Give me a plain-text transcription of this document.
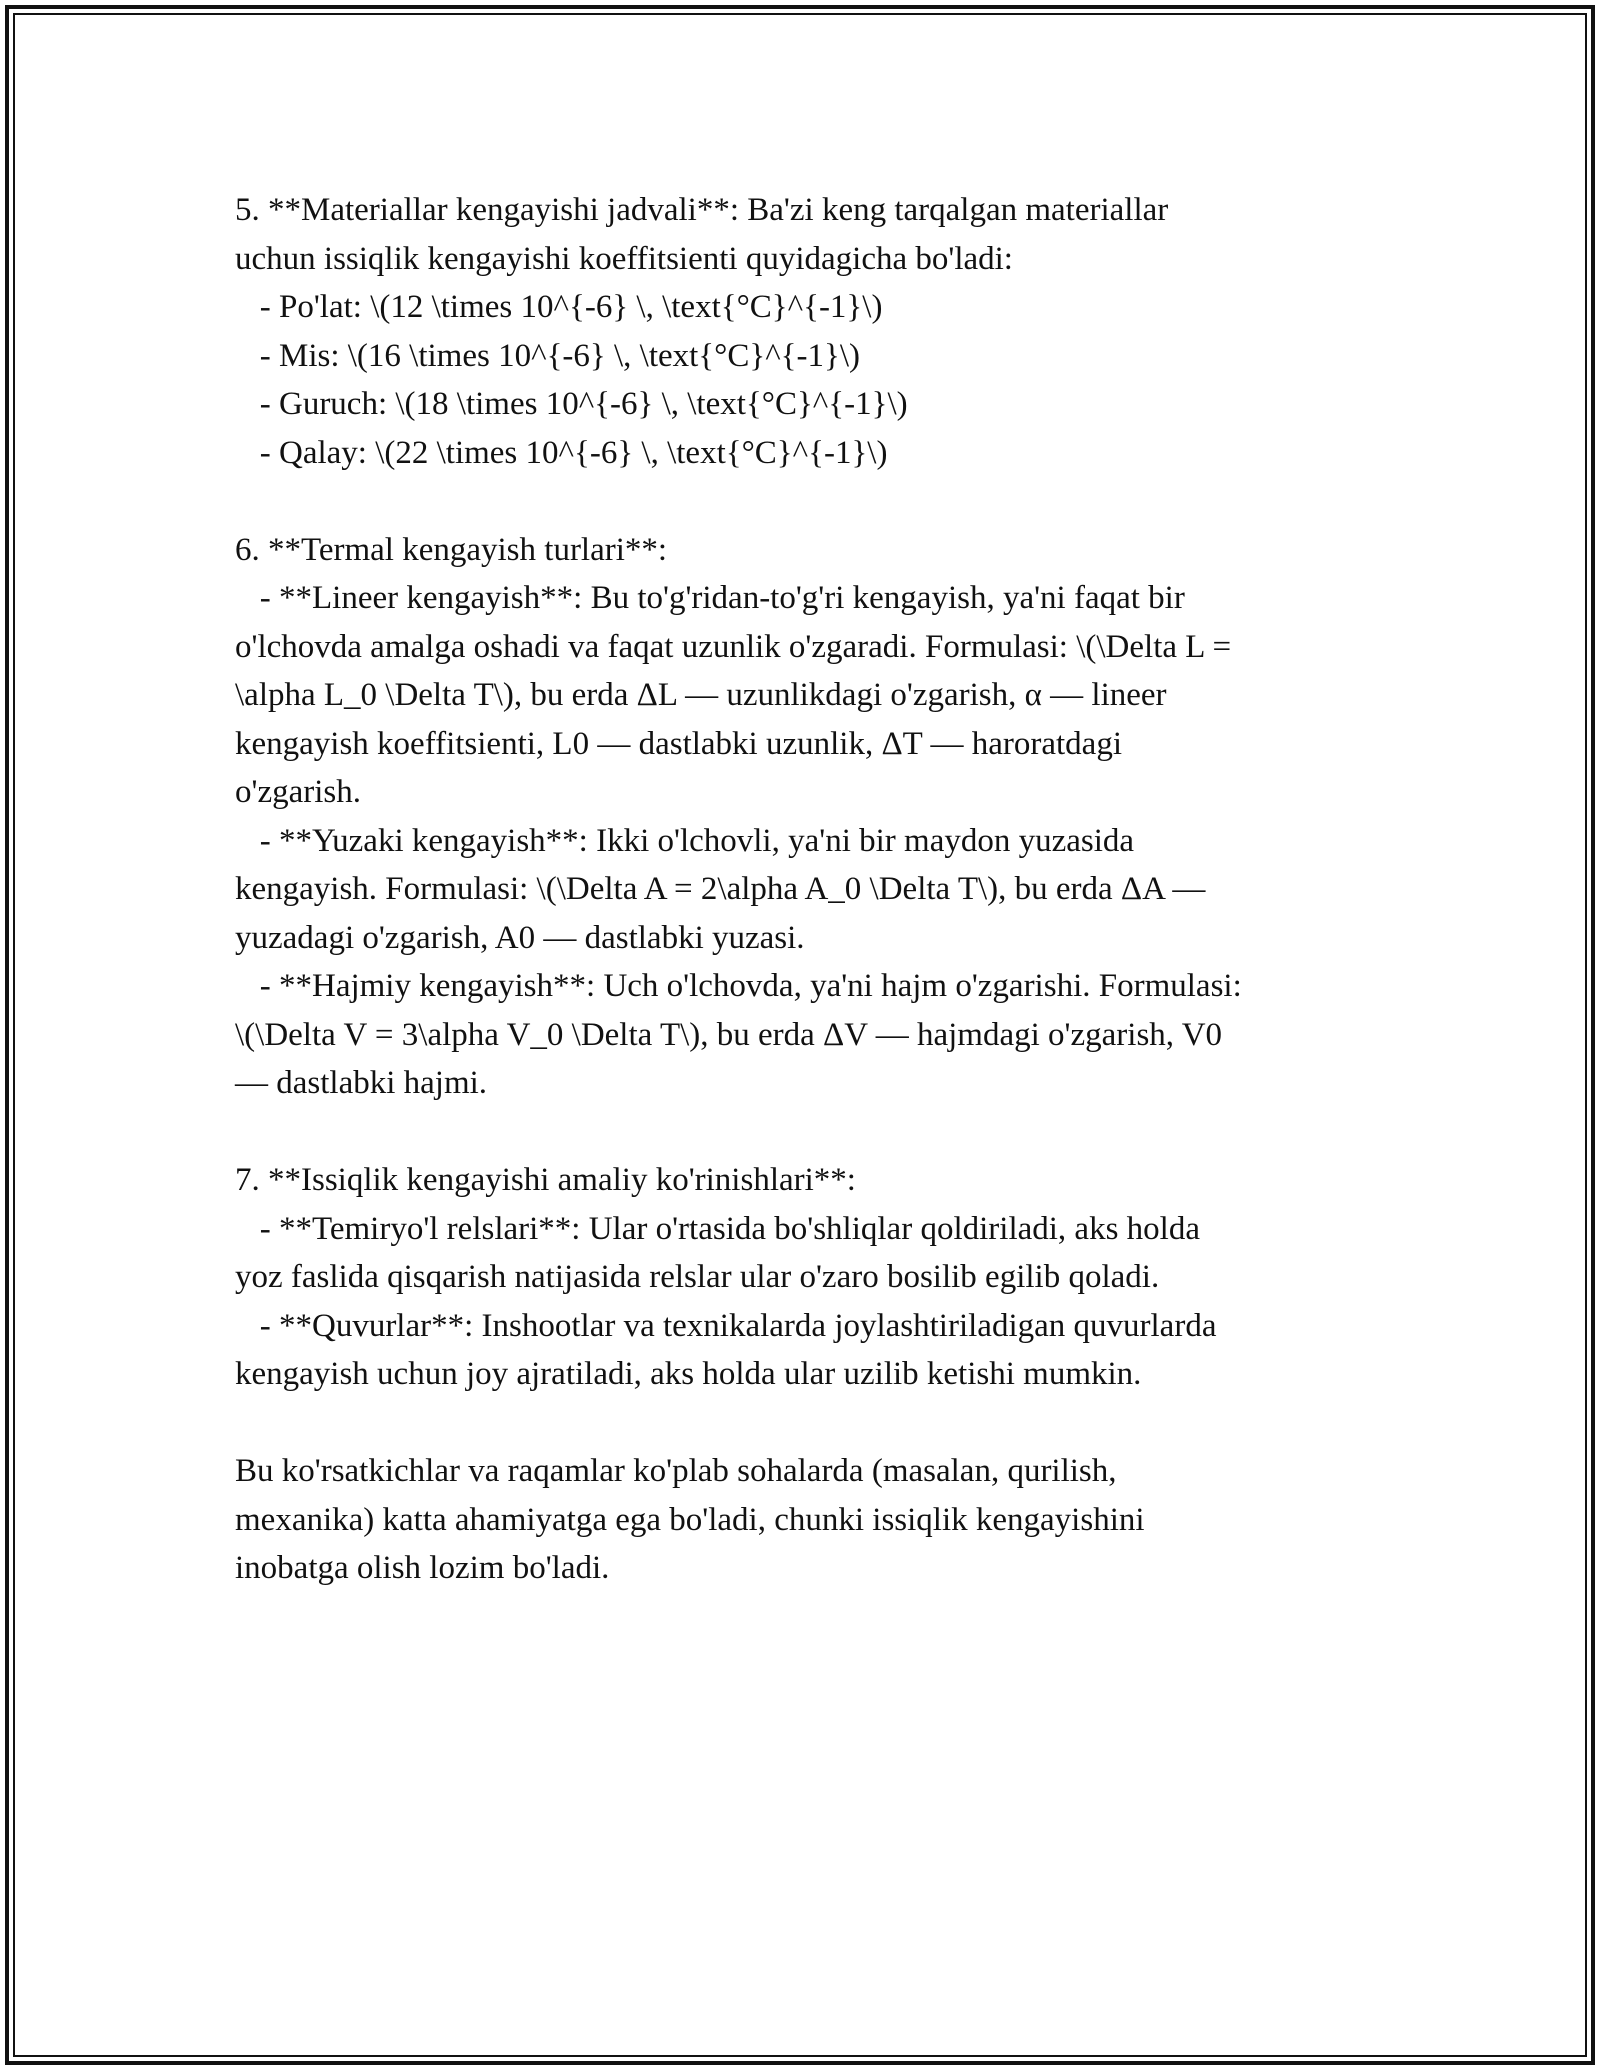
5. **Materiallar kengayishi jadvali**: Ba'zi keng tarqalgan materiallar
uchun issiqlik kengayishi koeffitsienti quyidagicha bo'ladi:
- Po'lat: \(12 \times 10^{-6} \, \text{°C}^{-1}\)
- Mis: \(16 \times 10^{-6} \, \text{°C}^{-1}\)
- Guruch: \(18 \times 10^{-6} \, \text{°C}^{-1}\)
- Qalay: \(22 \times 10^{-6} \, \text{°C}^{-1}\)
6. **Termal kengayish turlari**:
- **Lineer kengayish**: Bu to'g'ridan-to'g'ri kengayish, ya'ni faqat bir
o'lchovda amalga oshadi va faqat uzunlik o'zgaradi. Formulasi: \(\Delta L =
\alpha L_0 \Delta T\), bu erda ΔL — uzunlikdagi o'zgarish, α — lineer
kengayish koeffitsienti, L0 — dastlabki uzunlik, ΔT — haroratdagi
o'zgarish.
- **Yuzaki kengayish**: Ikki o'lchovli, ya'ni bir maydon yuzasida
kengayish. Formulasi: \(\Delta A = 2\alpha A_0 \Delta T\), bu erda ΔA —
yuzadagi o'zgarish, A0 — dastlabki yuzasi.
- **Hajmiy kengayish**: Uch o'lchovda, ya'ni hajm o'zgarishi. Formulasi:
\(\Delta V = 3\alpha V_0 \Delta T\), bu erda ΔV — hajmdagi o'zgarish, V0
— dastlabki hajmi.
7. **Issiqlik kengayishi amaliy ko'rinishlari**:
- **Temiryo'l relslari**: Ular o'rtasida bo'shliqlar qoldiriladi, aks holda
yoz faslida qisqarish natijasida relslar ular o'zaro bosilib egilib qoladi.
- **Quvurlar**: Inshootlar va texnikalarda joylashtiriladigan quvurlarda
kengayish uchun joy ajratiladi, aks holda ular uzilib ketishi mumkin.
Bu ko'rsatkichlar va raqamlar ko'plab sohalarda (masalan, qurilish,
mexanika) katta ahamiyatga ega bo'ladi, chunki issiqlik kengayishini
inobatga olish lozim bo'ladi.
